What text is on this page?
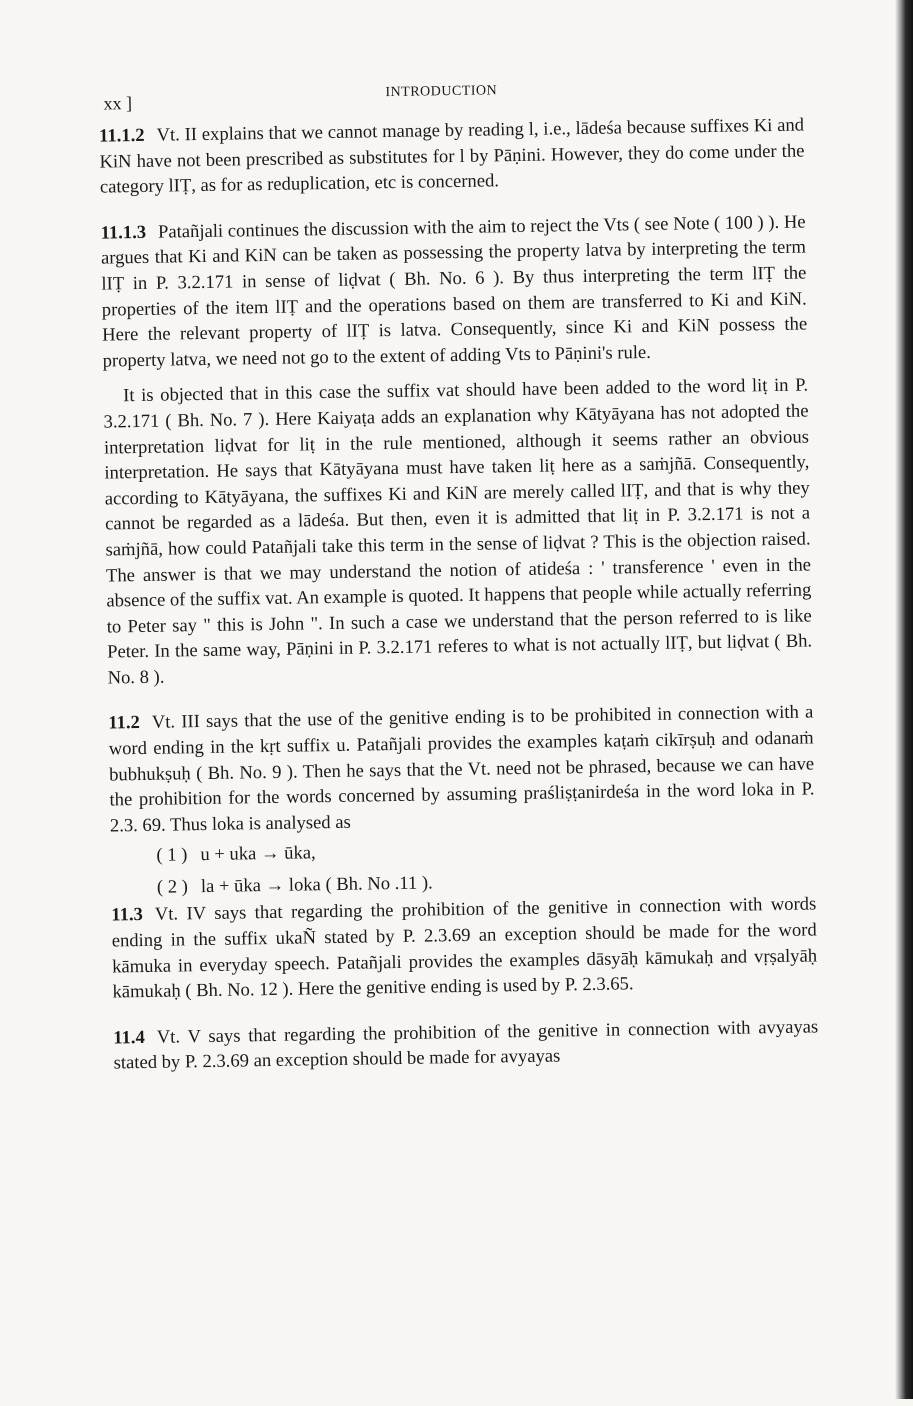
xx ]
INTRODUCTION

11.1.2 Vt. II explains that we cannot manage by reading l, i.e., lādeśa because suffixes Ki and KiN have not been prescribed as substitutes for l by Pāṇini. However, they do come under the category lIṬ, as for as reduplication, etc is concerned.

11.1.3 Patañjali continues the discussion with the aim to reject the Vts ( see Note ( 100 ) ). He argues that Ki and KiN can be taken as possessing the property latva by interpreting the term lIṬ in P. 3.2.171 in sense of liḍvat ( Bh. No. 6 ). By thus interpreting the term lIṬ the properties of the item lIṬ and the operations based on them are transferred to Ki and KiN. Here the relevant property of lIṬ is latva. Consequently, since Ki and KiN possess the property latva, we need not go to the extent of adding Vts to Pāṇini's rule.

It is objected that in this case the suffix vat should have been added to the word liṭ in P. 3.2.171 ( Bh. No. 7 ). Here Kaiyaṭa adds an explanation why Kātyāyana has not adopted the interpretation liḍvat for liṭ in the rule mentioned, although it seems rather an obvious interpretation. He says that Kātyāyana must have taken liṭ here as a saṁjñā. Consequently, according to Kātyāyana, the suffixes Ki and KiN are merely called lIṬ, and that is why they cannot be regarded as a lādeśa. But then, even it is admitted that liṭ in P. 3.2.171 is not a saṁjñā, how could Patañjali take this term in the sense of liḍvat ? This is the objection raised. The answer is that we may understand the notion of atideśa : ' transference ' even in the absence of the suffix vat. An example is quoted. It happens that people while actually referring to Peter say " this is John ". In such a case we understand that the person referred to is like Peter. In the same way, Pāṇini in P. 3.2.171 referes to what is not actually lIṬ, but liḍvat ( Bh. No. 8 ).

11.2 Vt. III says that the use of the genitive ending is to be prohibited in connection with a word ending in the kṛt suffix u. Patañjali provides the examples kaṭaṁ cikīrṣuḥ and odanaṁ bubhukṣuḥ ( Bh. No. 9 ). Then he says that the Vt. need not be phrased, because we can have the prohibition for the words concerned by assuming praśliṣṭanirdeśa in the word loka in P. 2.3. 69. Thus loka is analysed as

( 1 ) u + uka → ūka,
( 2 ) la + ūka → loka ( Bh. No .11 ).

11.3 Vt. IV says that regarding the prohibition of the genitive in connection with words ending in the suffix ukaÑ stated by P. 2.3.69 an exception should be made for the word kāmuka in everyday speech. Patañjali provides the examples dāsyāḥ kāmukaḥ and vṛṣalyāḥ kāmukaḥ ( Bh. No. 12 ). Here the genitive ending is used by P. 2.3.65.

11.4 Vt. V says that regarding the prohibition of the genitive in connection with avyayas stated by P. 2.3.69 an exception should be made for avyayas
